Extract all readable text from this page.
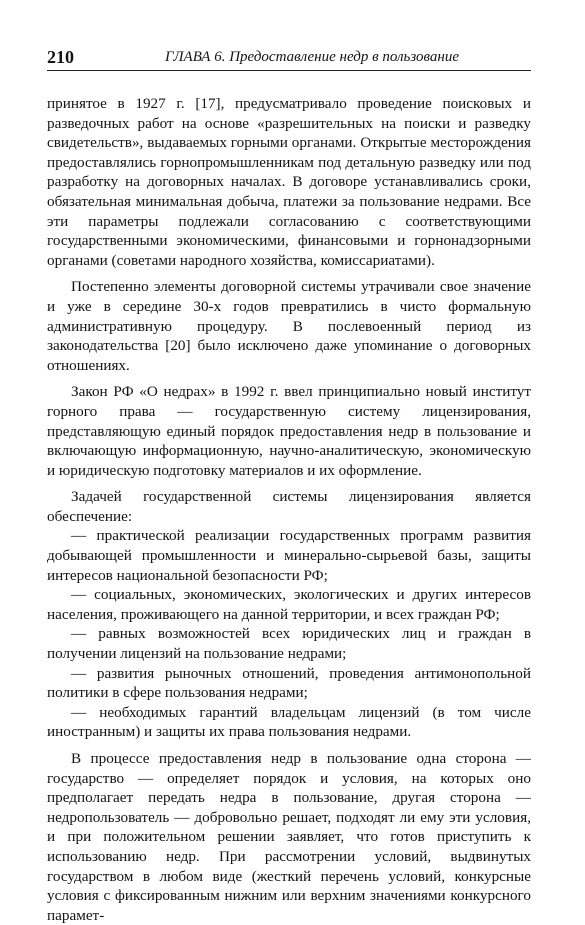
210	ГЛАВА 6. Предоставление недр в пользование

принятое в 1927 г. [17], предусматривало проведение поисковых и разведочных работ на основе «разрешительных на поиски и разведку свидетельств», выдаваемых горными органами. Открытые месторождения предоставлялись горнопромышленникам под детальную разведку или под разработку на договорных началах. В договоре устанавливались сроки, обязательная минимальная добыча, платежи за пользование недрами. Все эти параметры подлежали согласованию с соответствующими государственными экономическими, финансовыми и горнонадзорными органами (советами народного хозяйства, комиссариатами).

Постепенно элементы договорной системы утрачивали свое значение и уже в середине 30-х годов превратились в чисто формальную административную процедуру. В послевоенный период из законодательства [20] было исключено даже упоминание о договорных отношениях.

Закон РФ «О недрах» в 1992 г. ввел принципиально новый институт горного права — государственную систему лицензирования, представляющую единый порядок предоставления недр в пользование и включающую информационную, научно-аналитическую, экономическую и юридическую подготовку материалов и их оформление.

Задачей государственной системы лицензирования является обеспечение:

— практической реализации государственных программ развития добывающей промышленности и минерально-сырьевой базы, защиты интересов национальной безопасности РФ;

— социальных, экономических, экологических и других интересов населения, проживающего на данной территории, и всех граждан РФ;

— равных возможностей всех юридических лиц и граждан в получении лицензий на пользование недрами;

— развития рыночных отношений, проведения антимонопольной политики в сфере пользования недрами;

— необходимых гарантий владельцам лицензий (в том числе иностранным) и защиты их права пользования недрами.

В процессе предоставления недр в пользование одна сторона — государство — определяет порядок и условия, на которых оно предполагает передать недра в пользование, другая сторона — недропользователь — добровольно решает, подходят ли ему эти условия, и при положительном решении заявляет, что готов приступить к использованию недр. При рассмотрении условий, выдвинутых государством в любом виде (жесткий перечень условий, конкурсные условия с фиксированным нижним или верхним значениями конкурсного парамет-
